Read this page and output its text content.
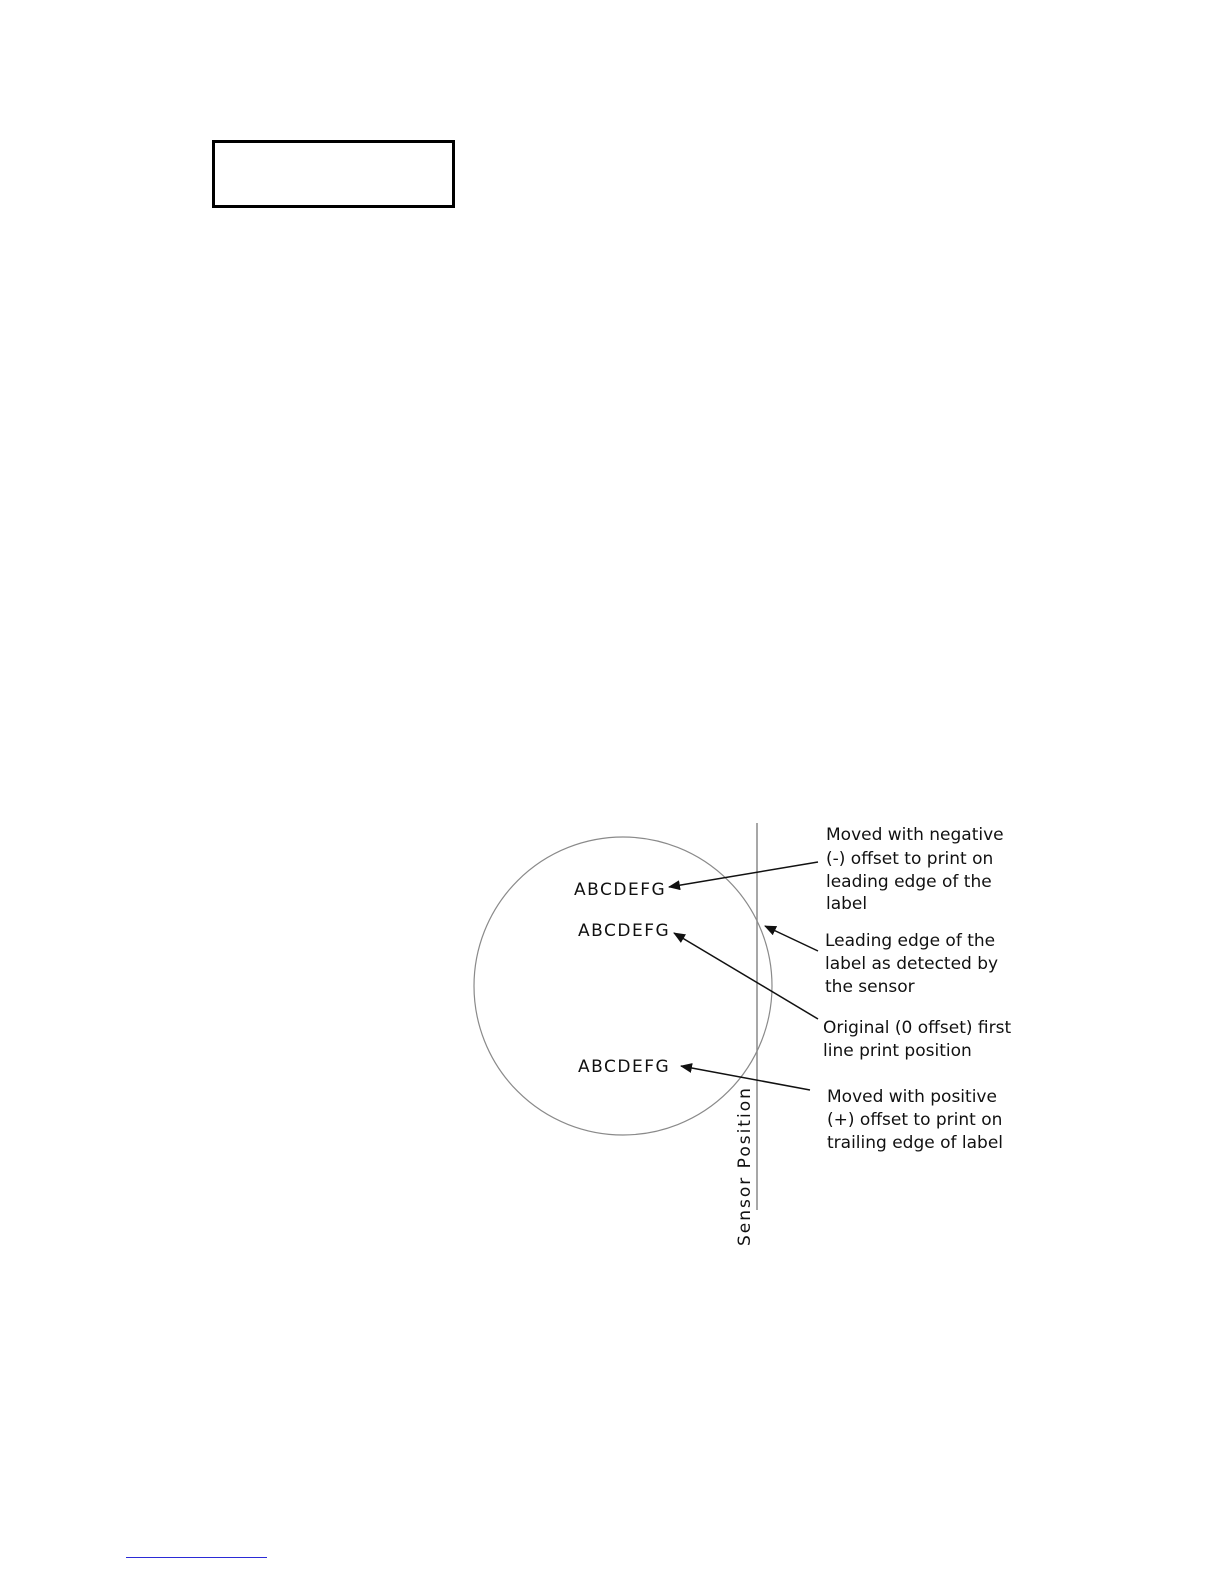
Sensor Position
ABCDEFG
ABCDEFG
ABCDEFG
Moved with negative (-) offset to print on leading edge of the label
Leading edge of the label as detected by the sensor
Original (0 offset) first line print position
Moved with positive (+) offset to print on trailing edge of label
